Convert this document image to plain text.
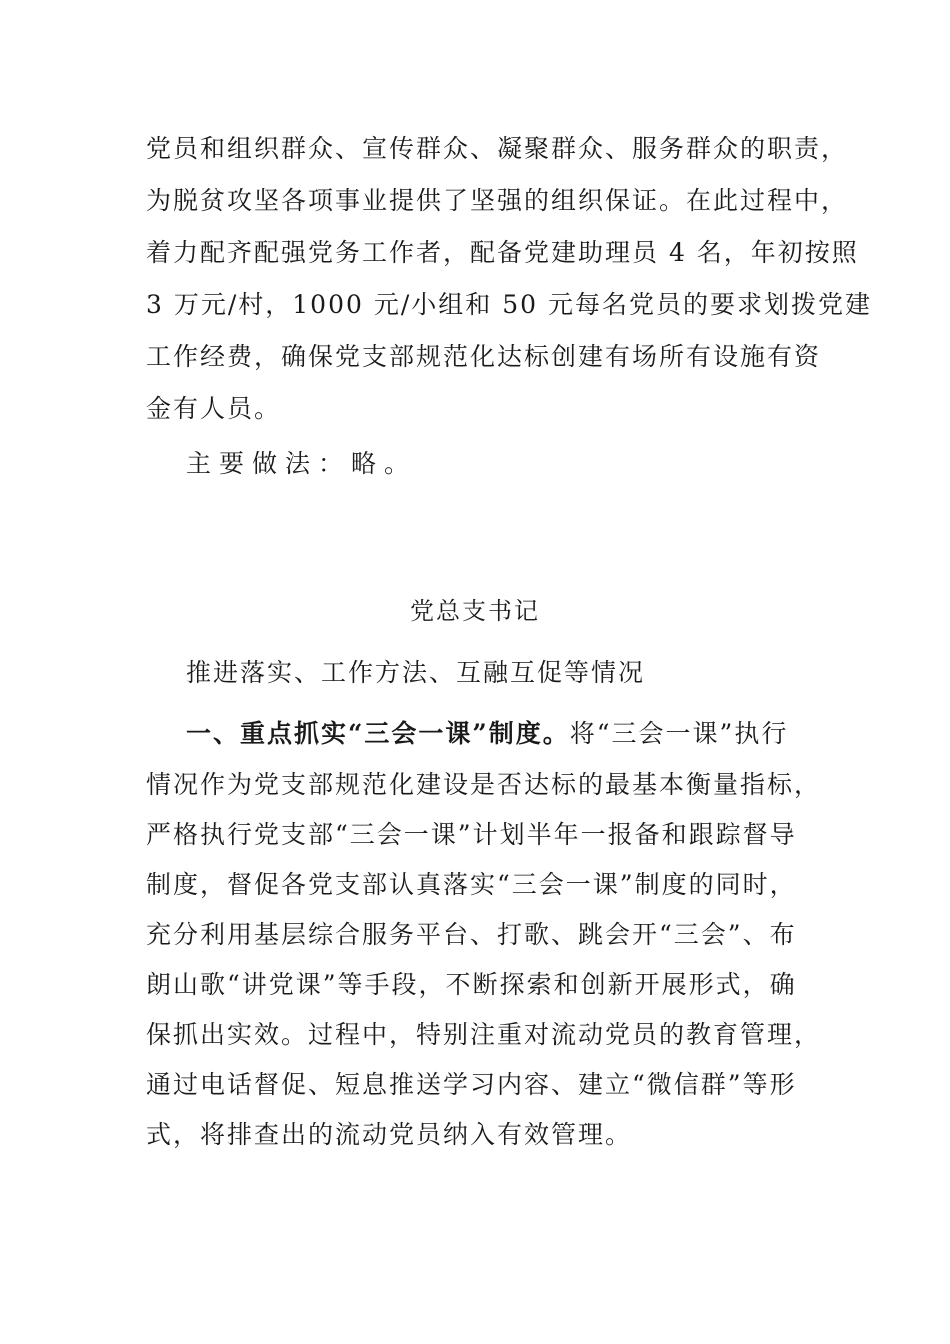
党员和组织群众、宣传群众、凝聚群众、服务群众的职责，
为脱贫攻坚各项事业提供了坚强的组织保证。在此过程中，
着力配齐配强党务工作者，配备党建助理员 4 名，年初按照
3 万元/村，1000 元/小组和 50 元每名党员的要求划拨党建
工作经费，确保党支部规范化达标创建有场所有设施有资
金有人员。
主要做法：略。
党总支书记
推进落实、工作方法、互融互促等情况
一、重点抓实“三会一课”制度。将“三会一课”执行
情况作为党支部规范化建设是否达标的最基本衡量指标，
严格执行党支部“三会一课”计划半年一报备和跟踪督导
制度，督促各党支部认真落实“三会一课”制度的同时，
充分利用基层综合服务平台、打歌、跳会开“三会”、布
朗山歌“讲党课”等手段，不断探索和创新开展形式，确
保抓出实效。过程中，特别注重对流动党员的教育管理，
通过电话督促、短息推送学习内容、建立“微信群”等形
式，将排查出的流动党员纳入有效管理。
